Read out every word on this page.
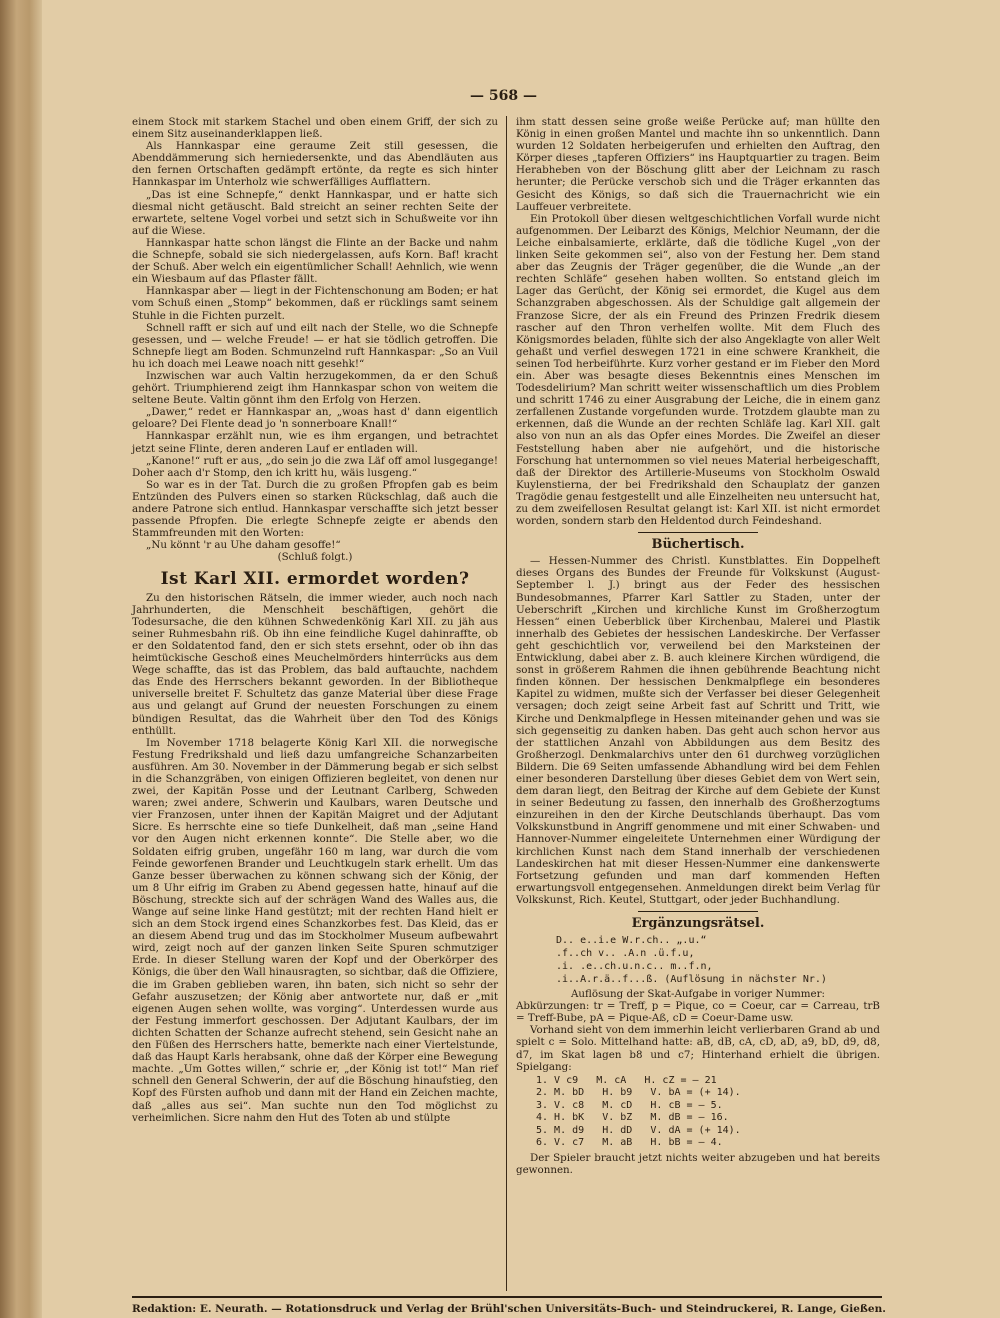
— 568 —

einem Stock mit starkem Stachel und oben einem Griff, der sich zu einem Sitz auseinanderklappen ließ.

Als Hannkaspar eine geraume Zeit still gesessen, die Abenddämmerung sich herniedersenkte, und das Abendläuten aus den fernen Ortschaften gedämpft ertönte, da regte es sich hinter Hannkaspar im Unterholz wie schwerfälliges Aufflattern.

„Das ist eine Schnepfe,“ denkt Hannkaspar, und er hatte sich diesmal nicht getäuscht. Bald streicht an seiner rechten Seite der erwartete, seltene Vogel vorbei und setzt sich in Schußweite vor ihn auf die Wiese.

Hannkaspar hatte schon längst die Flinte an der Backe und nahm die Schnepfe, sobald sie sich niedergelassen, aufs Korn. Baf! kracht der Schuß. Aber welch ein eigentümlicher Schall! Aehnlich, wie wenn ein Wiesbaum auf das Pflaster fällt.

Hannkaspar aber — liegt in der Fichtenschonung am Boden; er hat vom Schuß einen „Stomp“ bekommen, daß er rücklings samt seinem Stuhle in die Fichten purzelt.

Schnell rafft er sich auf und eilt nach der Stelle, wo die Schnepfe gesessen, und — welche Freude! — er hat sie tödlich getroffen. Die Schnepfe liegt am Boden. Schmunzelnd ruft Hannkaspar: „So an Vuil hu ich doach mei Leawe noach nitt gesehk!“

Inzwischen war auch Valtin herzugekommen, da er den Schuß gehört. Triumphierend zeigt ihm Hannkaspar schon von weitem die seltene Beute. Valtin gönnt ihm den Erfolg von Herzen.

„Dawer,“ redet er Hannkaspar an, „woas hast d' dann eigentlich geloare? Dei Flente dead jo 'n sonnerboare Knall!“

Hannkaspar erzählt nun, wie es ihm ergangen, und betrachtet jetzt seine Flinte, deren anderen Lauf er entladen will.

„Kanone!“ ruft er aus, „do sein jo die zwa Läf off amol lusgegange! Doher aach d'r Stomp, den ich kritt hu, wäis lusgeng.“

So war es in der Tat. Durch die zu großen Pfropfen gab es beim Entzünden des Pulvers einen so starken Rückschlag, daß auch die andere Patrone sich entlud. Hannkaspar verschaffte sich jetzt besser passende Pfropfen. Die erlegte Schnepfe zeigte er abends den Stammfreunden mit den Worten:

„Nu könnt 'r au Uhe daham gesoffe!“

(Schluß folgt.)

Ist Karl XII. ermordet worden?

Zu den historischen Rätseln, die immer wieder, auch noch nach Jahrhunderten, die Menschheit beschäftigen, gehört die Todesursache, die den kühnen Schwedenkönig Karl XII. zu jäh aus seiner Ruhmesbahn riß. Ob ihn eine feindliche Kugel dahinraffte, ob er den Soldatentod fand, den er sich stets ersehnt, oder ob ihn das heimtückische Geschoß eines Meuchelmörders hinterrücks aus dem Wege schaffte, das ist das Problem, das bald auftauchte, nachdem das Ende des Herrschers bekannt geworden. In der Bibliotheque universelle breitet F. Schultetz das ganze Material über diese Frage aus und gelangt auf Grund der neuesten Forschungen zu einem bündigen Resultat, das die Wahrheit über den Tod des Königs enthüllt.

Im November 1718 belagerte König Karl XII. die norwegische Festung Fredrikshald und ließ dazu umfangreiche Schanzarbeiten ausführen. Am 30. November in der Dämmerung begab er sich selbst in die Schanzgräben, von einigen Offizieren begleitet, von denen nur zwei, der Kapitän Posse und der Leutnant Carlberg, Schweden waren; zwei andere, Schwerin und Kaulbars, waren Deutsche und vier Franzosen, unter ihnen der Kapitän Maigret und der Adjutant Sicre. Es herrschte eine so tiefe Dunkelheit, daß man „seine Hand vor den Augen nicht erkennen konnte“. Die Stelle aber, wo die Soldaten eifrig gruben, ungefähr 160 m lang, war durch die vom Feinde geworfenen Brander und Leuchtkugeln stark erhellt. Um das Ganze besser überwachen zu können schwang sich der König, der um 8 Uhr eifrig im Graben zu Abend gegessen hatte, hinauf auf die Böschung, streckte sich auf der schrägen Wand des Walles aus, die Wange auf seine linke Hand gestützt; mit der rechten Hand hielt er sich an dem Stock irgend eines Schanzkorbes fest. Das Kleid, das er an diesem Abend trug und das im Stockholmer Museum aufbewahrt wird, zeigt noch auf der ganzen linken Seite Spuren schmutziger Erde. In dieser Stellung waren der Kopf und der Oberkörper des Königs, die über den Wall hinausragten, so sichtbar, daß die Offiziere, die im Graben geblieben waren, ihn baten, sich nicht so sehr der Gefahr auszusetzen; der König aber antwortete nur, daß er „mit eigenen Augen sehen wollte, was vorging“. Unterdessen wurde aus der Festung immerfort geschossen. Der Adjutant Kaulbars, der im dichten Schatten der Schanze aufrecht stehend, sein Gesicht nahe an den Füßen des Herrschers hatte, bemerkte nach einer Viertelstunde, daß das Haupt Karls herabsank, ohne daß der Körper eine Bewegung machte. „Um Gottes willen,“ schrie er, „der König ist tot!“ Man rief schnell den General Schwerin, der auf die Böschung hinaufstieg, den Kopf des Fürsten aufhob und dann mit der Hand ein Zeichen machte, daß „alles aus sei“. Man suchte nun den Tod möglichst zu verheimlichen. Sicre nahm den Hut des Toten ab und stülpte

ihm statt dessen seine große weiße Perücke auf; man hüllte den König in einen großen Mantel und machte ihn so unkenntlich. Dann wurden 12 Soldaten herbeigerufen und erhielten den Auftrag, den Körper dieses „tapferen Offiziers“ ins Hauptquartier zu tragen. Beim Herabheben von der Böschung glitt aber der Leichnam zu rasch herunter; die Perücke verschob sich und die Träger erkannten das Gesicht des Königs, so daß sich die Trauernachricht wie ein Lauffeuer verbreitete.

Ein Protokoll über diesen weltgeschichtlichen Vorfall wurde nicht aufgenommen. Der Leibarzt des Königs, Melchior Neumann, der die Leiche einbalsamierte, erklärte, daß die tödliche Kugel „von der linken Seite gekommen sei“, also von der Festung her. Dem stand aber das Zeugnis der Träger gegenüber, die die Wunde „an der rechten Schläfe“ gesehen haben wollten. So entstand gleich im Lager das Gerücht, der König sei ermordet, die Kugel aus dem Schanzgraben abgeschossen. Als der Schuldige galt allgemein der Franzose Sicre, der als ein Freund des Prinzen Fredrik diesem rascher auf den Thron verhelfen wollte. Mit dem Fluch des Königsmordes beladen, fühlte sich der also Angeklagte von aller Welt gehaßt und verfiel deswegen 1721 in eine schwere Krankheit, die seinen Tod herbeiführte. Kurz vorher gestand er im Fieber den Mord ein. Aber was besagte dieses Bekenntnis eines Menschen im Todesdelirium? Man schritt weiter wissenschaftlich um dies Problem und schritt 1746 zu einer Ausgrabung der Leiche, die in einem ganz zerfallenen Zustande vorgefunden wurde. Trotzdem glaubte man zu erkennen, daß die Wunde an der rechten Schläfe lag. Karl XII. galt also von nun an als das Opfer eines Mordes. Die Zweifel an dieser Feststellung haben aber nie aufgehört, und die historische Forschung hat unternommen so viel neues Material herbeigeschafft, daß der Direktor des Artillerie-Museums von Stockholm Oswald Kuylenstierna, der bei Fredrikshald den Schauplatz der ganzen Tragödie genau festgestellt und alle Einzelheiten neu untersucht hat, zu dem zweifellosen Resultat gelangt ist: Karl XII. ist nicht ermordet worden, sondern starb den Heldentod durch Feindeshand.

Büchertisch.

— Hessen-Nummer des Christl. Kunstblattes. Ein Doppelheft dieses Organs des Bundes der Freunde für Volkskunst (August-September l. J.) bringt aus der Feder des hessischen Bundesobmannes, Pfarrer Karl Sattler zu Staden, unter der Ueberschrift „Kirchen und kirchliche Kunst im Großherzogtum Hessen“ einen Ueberblick über Kirchenbau, Malerei und Plastik innerhalb des Gebietes der hessischen Landeskirche. Der Verfasser geht geschichtlich vor, verweilend bei den Marksteinen der Entwicklung, dabei aber z. B. auch kleinere Kirchen würdigend, die sonst in größerem Rahmen die ihnen gebührende Beachtung nicht finden können. Der hessischen Denkmalpflege ein besonderes Kapitel zu widmen, mußte sich der Verfasser bei dieser Gelegenheit versagen; doch zeigt seine Arbeit fast auf Schritt und Tritt, wie Kirche und Denkmalpflege in Hessen miteinander gehen und was sie sich gegenseitig zu danken haben. Das geht auch schon hervor aus der stattlichen Anzahl von Abbildungen aus dem Besitz des Großherzogl. Denkmalarchivs unter den 61 durchweg vorzüglichen Bildern. Die 69 Seiten umfassende Abhandlung wird bei dem Fehlen einer besonderen Darstellung über dieses Gebiet dem von Wert sein, dem daran liegt, den Beitrag der Kirche auf dem Gebiete der Kunst in seiner Bedeutung zu fassen, den innerhalb des Großherzogtums einzureihen in den der Kirche Deutschlands überhaupt. Das vom Volkskunstbund in Angriff genommene und mit einer Schwaben- und Hannover-Nummer eingeleitete Unternehmen einer Würdigung der kirchlichen Kunst nach dem Stand innerhalb der verschiedenen Landeskirchen hat mit dieser Hessen-Nummer eine dankenswerte Fortsetzung gefunden und man darf kommenden Heften erwartungsvoll entgegensehen. Anmeldungen direkt beim Verlag für Volkskunst, Rich. Keutel, Stuttgart, oder jeder Buchhandlung.

Ergänzungsrätsel.
D.. e..i.e W.r.ch.. „.u.“
.f..ch v.. .A.n .ü.f.u,
.i. .e..ch.u.n.c.. m..f.n,
.i..A.r.ä..f...ß. (Auflösung in nächster Nr.)

Auflösung der Skat-Aufgabe in voriger Nummer:

Abkürzungen: tr = Treff, p = Pique, co = Coeur, car = Carreau, trB = Treff-Bube, pA = Pique-Aß, cD = Coeur-Dame usw.

Vorhand sieht von dem immerhin leicht verlierbaren Grand ab und spielt c = Solo. Mittelhand hatte: aB, dB, cA, cD, aD, a9, bD, d9, d8, d7, im Skat lagen b8 und c7; Hinterhand erhielt die übrigen. Spielgang:

1. V c9   M. cA   H. cZ = — 21
2. M. bD   H. b9   V. bA = (+ 14).
3. V. c8   M. cD   H. cB = — 5.
4. H. bK   V. bZ   M. dB = — 16.
5. M. d9   H. dD   V. dA = (+ 14).
6. V. c7   M. aB   H. bB = — 4.

Der Spieler braucht jetzt nichts weiter abzugeben und hat bereits gewonnen.

Redaktion: E. Neurath. — Rotationsdruck und Verlag der Brühl'schen Universitäts-Buch- und Steindruckerei, R. Lange, Gießen.
